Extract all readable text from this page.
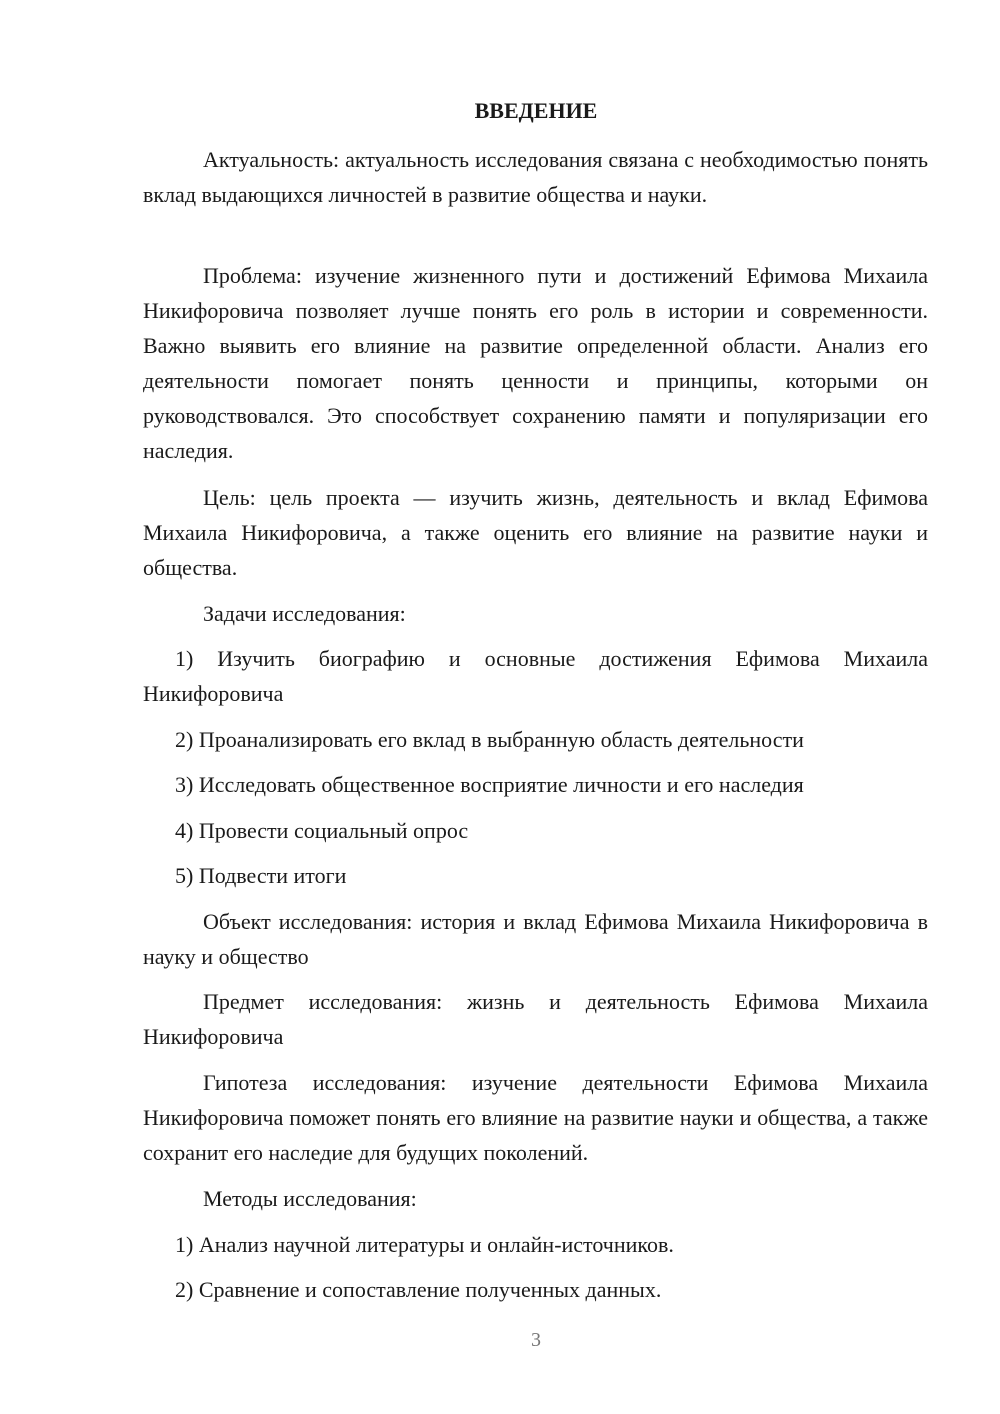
ВВЕДЕНИЕ

Актуальность: актуальность исследования связана с необходимостью понять вклад выдающихся личностей в развитие общества и науки.

Проблема: изучение жизненного пути и достижений Ефимова Михаила Никифоровича позволяет лучше понять его роль в истории и современности. Важно выявить его влияние на развитие определенной области. Анализ его деятельности помогает понять ценности и принципы, которыми он руководствовался. Это способствует сохранению памяти и популяризации его наследия.

Цель: цель проекта — изучить жизнь, деятельность и вклад Ефимова Михаила Никифоровича, а также оценить его влияние на развитие науки и общества.

Задачи исследования:

1) Изучить биографию и основные достижения Ефимова Михаила Никифоровича

2) Проанализировать его вклад в выбранную область деятельности

3) Исследовать общественное восприятие личности и его наследия

4) Провести социальный опрос

5) Подвести итоги

Объект исследования: история и вклад Ефимова Михаила Никифоровича в науку и общество

Предмет исследования: жизнь и деятельность Ефимова Михаила Никифоровича

Гипотеза исследования: изучение деятельности Ефимова Михаила Никифоровича поможет понять его влияние на развитие науки и общества, а также сохранит его наследие для будущих поколений.

Методы исследования:

1) Анализ научной литературы и онлайн-источников.

2) Сравнение и сопоставление полученных данных.

3
